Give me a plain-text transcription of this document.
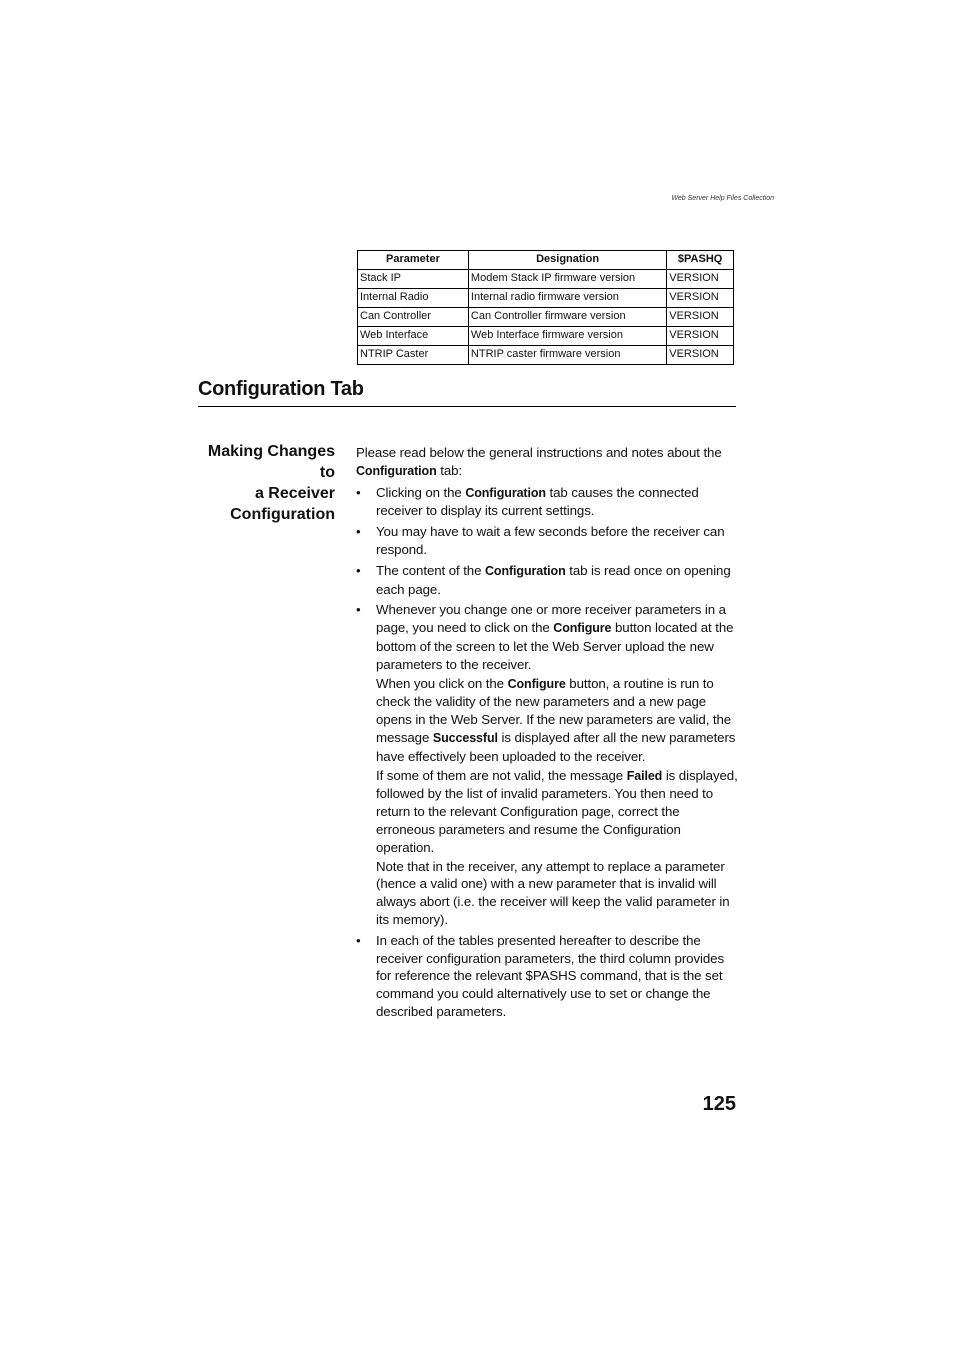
Web Server Help Files Collection
Parameter	Designation	$PASHQ
Stack IP	Modem Stack IP firmware version	VERSION
Internal Radio	Internal radio firmware version	VERSION
Can Controller	Can Controller firmware version	VERSION
Web Interface	Web Interface firmware version	VERSION
NTRIP Caster	NTRIP caster firmware version	VERSION
Configuration Tab
Making Changes to
a Receiver
Configuration

Please read below the general instructions and notes about the Configuration tab:

• Clicking on the Configuration tab causes the connected receiver to display its current settings.
• You may have to wait a few seconds before the receiver can respond.
• The content of the Configuration tab is read once on opening each page.
• Whenever you change one or more receiver parameters in a page, you need to click on the Configure button located at the bottom of the screen to let the Web Server upload the new parameters to the receiver.
When you click on the Configure button, a routine is run to check the validity of the new parameters and a new page opens in the Web Server. If the new parameters are valid, the message Successful is displayed after all the new parameters have effectively been uploaded to the receiver.
If some of them are not valid, the message Failed is displayed, followed by the list of invalid parameters. You then need to return to the relevant Configuration page, correct the erroneous parameters and resume the Configuration operation.
Note that in the receiver, any attempt to replace a parameter (hence a valid one) with a new parameter that is invalid will always abort (i.e. the receiver will keep the valid parameter in its memory).
• In each of the tables presented hereafter to describe the receiver configuration parameters, the third column provides for reference the relevant $PASHS command, that is the set command you could alternatively use to set or change the described parameters.
125
